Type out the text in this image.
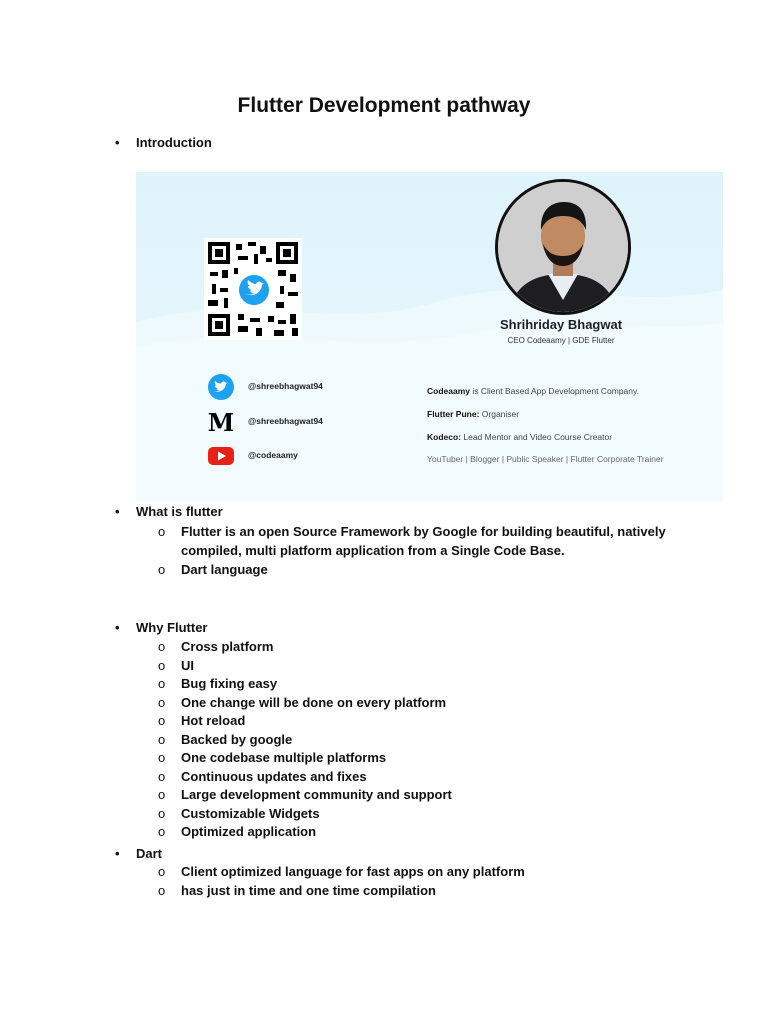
Flutter Development pathway
• Introduction
Shrihriday Bhagwat
CEO Codeaamy | GDE Flutter
@shreebhagwat94
M @shreebhagwat94
@codeaamy
Codeaamy is Client Based App Development Company.
Flutter Pune: Organiser
Kodeco: Lead Mentor and Video Course Creator
YouTuber | Blogger | Public Speaker | Flutter Corporate Trainer
• What is flutter
o Flutter is an open Source Framework by Google for building beautiful, natively
compiled, multi platform application from a Single Code Base.
o Dart language
• Why Flutter
o Cross platform
o UI
o Bug fixing easy
o One change will be done on every platform
o Hot reload
o Backed by google
o One codebase multiple platforms
o Continuous updates and fixes
o Large development community and support
o Customizable Widgets
o Optimized application
• Dart
o Client optimized language for fast apps on any platform
o has just in time and one time compilation
